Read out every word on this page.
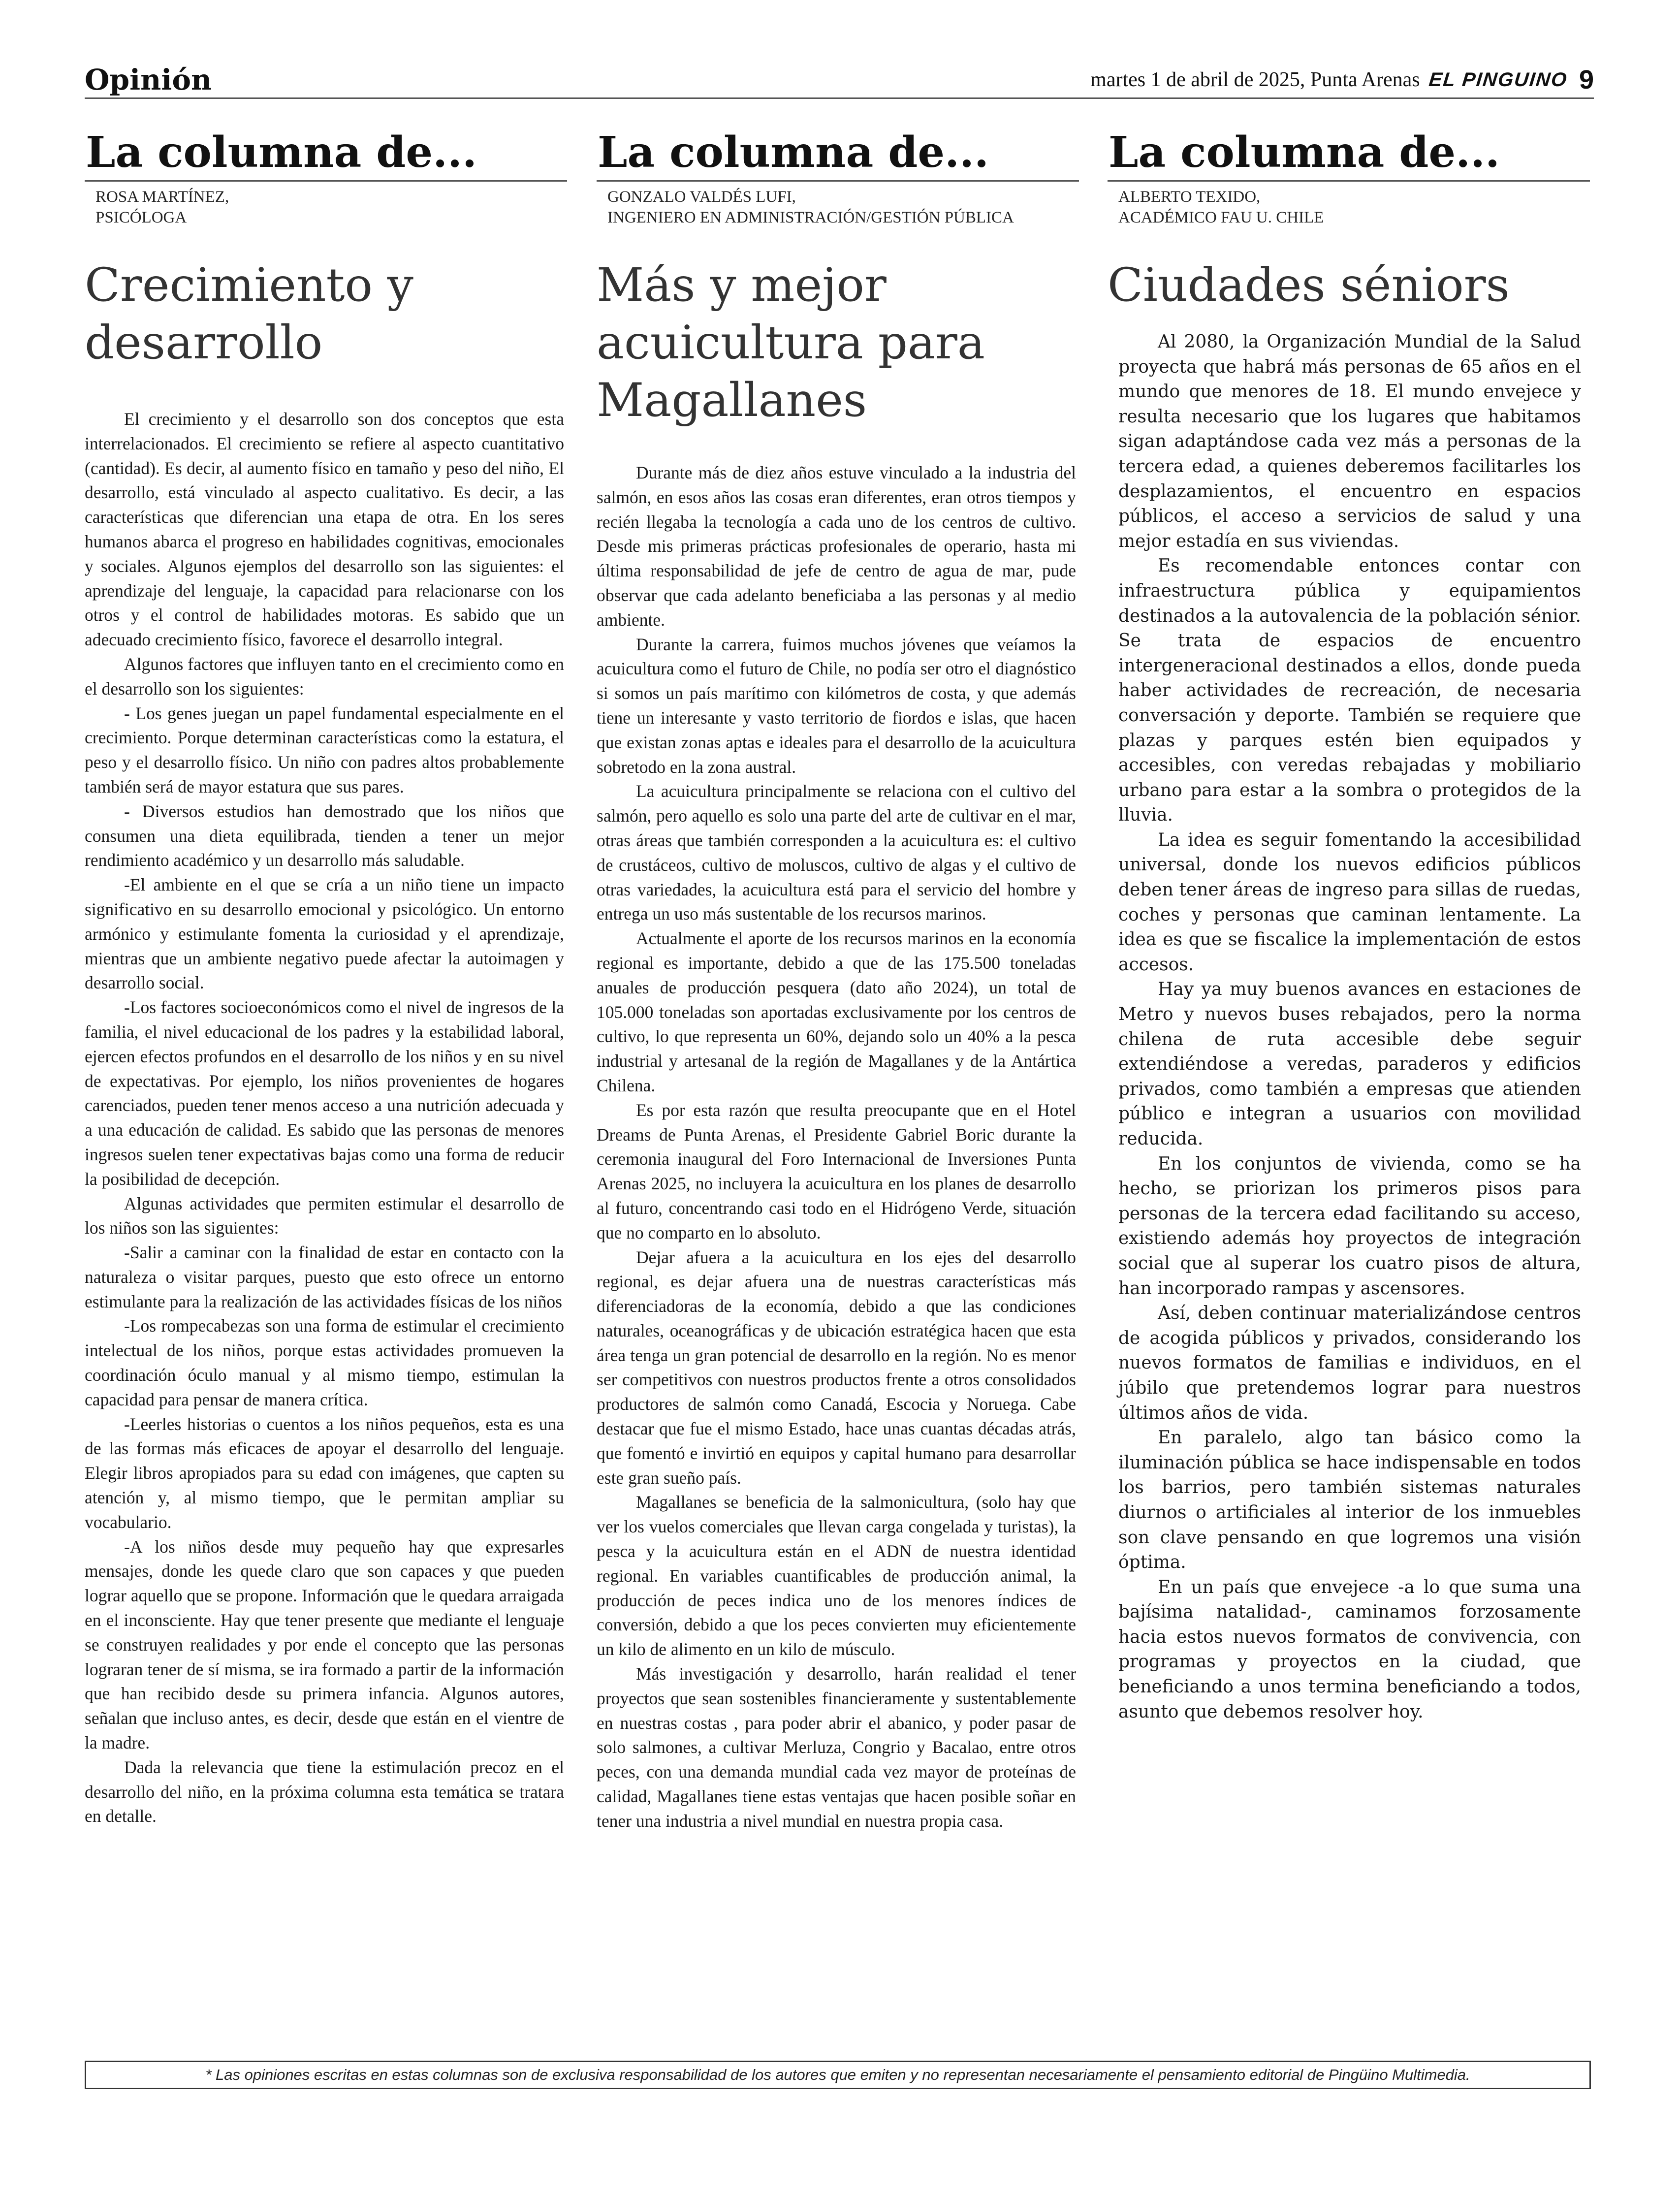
Opinión	martes 1 de abril de 2025, Punta Arenas EL PINGUINO 9
La columna de...
ROSA MARTÍNEZ,
PSICÓLOGA
Crecimiento y desarrollo

El crecimiento y el desarrollo son dos conceptos que esta interrelacionados. El crecimiento se refiere al aspecto cuantitativo (cantidad). Es decir, al aumento físico en tamaño y peso del niño, El desarrollo, está vinculado al aspecto cualitativo. Es decir, a las características que diferencian una etapa de otra. En los seres humanos abarca el progreso en habilidades cognitivas, emocionales y sociales. Algunos ejemplos del desarrollo son las siguientes: el aprendizaje del lenguaje, la capacidad para relacionarse con los otros y el control de habilidades motoras. Es sabido que un adecuado crecimiento físico, favorece el desarrollo integral.

Algunos factores que influyen tanto en el crecimiento como en el desarrollo son los siguientes:

- Los genes juegan un papel fundamental especialmente en el crecimiento. Porque determinan características como la estatura, el peso y el desarrollo físico. Un niño con padres altos probablemente también será de mayor estatura que sus pares.

- Diversos estudios han demostrado que los niños que consumen una dieta equilibrada, tienden a tener un mejor rendimiento académico y un desarrollo más saludable.

-El ambiente en el que se cría a un niño tiene un impacto significativo en su desarrollo emocional y psicológico. Un entorno armónico y estimulante fomenta la curiosidad y el aprendizaje, mientras que un ambiente negativo puede afectar la autoimagen y desarrollo social.

-Los factores socioeconómicos como el nivel de ingresos de la familia, el nivel educacional de los padres y la estabilidad laboral, ejercen efectos profundos en el desarrollo de los niños y en su nivel de expectativas. Por ejemplo, los niños provenientes de hogares carenciados, pueden tener menos acceso a una nutrición adecuada y a una educación de calidad. Es sabido que las personas de menores ingresos suelen tener expectativas bajas como una forma de reducir la posibilidad de decepción.

Algunas actividades que permiten estimular el desarrollo de los niños son las siguientes:

-Salir a caminar con la finalidad de estar en contacto con la naturaleza o visitar parques, puesto que esto ofrece un entorno estimulante para la realización de las actividades físicas de los niños

-Los rompecabezas son una forma de estimular el crecimiento intelectual de los niños, porque estas actividades promueven la coordinación óculo manual y al mismo tiempo, estimulan la capacidad para pensar de manera crítica.

-Leerles historias o cuentos a los niños pequeños, esta es una de las formas más eficaces de apoyar el desarrollo del lenguaje. Elegir libros apropiados para su edad con imágenes, que capten su atención y, al mismo tiempo, que le permitan ampliar su vocabulario.

-A los niños desde muy pequeño hay que expresarles mensajes, donde les quede claro que son capaces y que pueden lograr aquello que se propone. Información que le quedara arraigada en el inconsciente. Hay que tener presente que mediante el lenguaje se construyen realidades y por ende el concepto que las personas lograran tener de sí misma, se ira formado a partir de la información que han recibido desde su primera infancia. Algunos autores, señalan que incluso antes, es decir, desde que están en el vientre de la madre.

Dada la relevancia que tiene la estimulación precoz en el desarrollo del niño, en la próxima columna esta temática se tratara en detalle.

La columna de...
GONZALO VALDÉS LUFI,
INGENIERO EN ADMINISTRACIÓN/GESTIÓN PÚBLICA
Más y mejor acuicultura para Magallanes

Durante más de diez años estuve vinculado a la industria del salmón, en esos años las cosas eran diferentes, eran otros tiempos y recién llegaba la tecnología a cada uno de los centros de cultivo. Desde mis primeras prácticas profesionales de operario, hasta mi última responsabilidad de jefe de centro de agua de mar, pude observar que cada adelanto beneficiaba a las personas y al medio ambiente.

Durante la carrera, fuimos muchos jóvenes que veíamos la acuicultura como el futuro de Chile, no podía ser otro el diagnóstico si somos un país marítimo con kilómetros de costa, y que además tiene un interesante y vasto territorio de fiordos e islas, que hacen que existan zonas aptas e ideales para el desarrollo de la acuicultura sobretodo en la zona austral.

La acuicultura principalmente se relaciona con el cultivo del salmón, pero aquello es solo una parte del arte de cultivar en el mar, otras áreas que también corresponden a la acuicultura es: el cultivo de crustáceos, cultivo de moluscos, cultivo de algas y el cultivo de otras variedades, la acuicultura está para el servicio del hombre y entrega un uso más sustentable de los recursos marinos.

Actualmente el aporte de los recursos marinos en la economía regional es importante, debido a que de las 175.500 toneladas anuales de producción pesquera (dato año 2024), un total de 105.000 toneladas son aportadas exclusivamente por los centros de cultivo, lo que representa un 60%, dejando solo un 40% a la pesca industrial y artesanal de la región de Magallanes y de la Antártica Chilena.

Es por esta razón que resulta preocupante que en el Hotel Dreams de Punta Arenas, el Presidente Gabriel Boric durante la ceremonia inaugural del Foro Internacional de Inversiones Punta Arenas 2025, no incluyera la acuicultura en los planes de desarrollo al futuro, concentrando casi todo en el Hidrógeno Verde, situación que no comparto en lo absoluto.

Dejar afuera a la acuicultura en los ejes del desarrollo regional, es dejar afuera una de nuestras características más diferenciadoras de la economía, debido a que las condiciones naturales, oceanográficas y de ubicación estratégica hacen que esta área tenga un gran potencial de desarrollo en la región. No es menor ser competitivos con nuestros productos frente a otros consolidados productores de salmón como Canadá, Escocia y Noruega. Cabe destacar que fue el mismo Estado, hace unas cuantas décadas atrás, que fomentó e invirtió en equipos y capital humano para desarrollar este gran sueño país.

Magallanes se beneficia de la salmonicultura, (solo hay que ver los vuelos comerciales que llevan carga congelada y turistas), la pesca y la acuicultura están en el ADN de nuestra identidad regional. En variables cuantificables de producción animal, la producción de peces indica uno de los menores índices de conversión, debido a que los peces convierten muy eficientemente un kilo de alimento en un kilo de músculo.

Más investigación y desarrollo, harán realidad el tener proyectos que sean sostenibles financieramente y sustentablemente en nuestras costas , para poder abrir el abanico, y poder pasar de solo salmones, a cultivar Merluza, Congrio y Bacalao, entre otros peces, con una demanda mundial cada vez mayor de proteínas de calidad, Magallanes tiene estas ventajas que hacen posible soñar en tener una industria a nivel mundial en nuestra propia casa.

La columna de...
ALBERTO TEXIDO,
ACADÉMICO FAU U. CHILE
Ciudades séniors

Al 2080, la Organización Mundial de la Salud proyecta que habrá más personas de 65 años en el mundo que menores de 18. El mundo envejece y resulta necesario que los lugares que habitamos sigan adaptándose cada vez más a personas de la tercera edad, a quienes deberemos facilitarles los desplazamientos, el encuentro en espacios públicos, el acceso a servicios de salud y una mejor estadía en sus viviendas.

Es recomendable entonces contar con infraestructura pública y equipamientos destinados a la autovalencia de la población sénior. Se trata de espacios de encuentro intergeneracional destinados a ellos, donde pueda haber actividades de recreación, de necesaria conversación y deporte. También se requiere que plazas y parques estén bien equipados y accesibles, con veredas rebajadas y mobiliario urbano para estar a la sombra o protegidos de la lluvia.

La idea es seguir fomentando la accesibilidad universal, donde los nuevos edificios públicos deben tener áreas de ingreso para sillas de ruedas, coches y personas que caminan lentamente. La idea es que se fiscalice la implementación de estos accesos.

Hay ya muy buenos avances en estaciones de Metro y nuevos buses rebajados, pero la norma chilena de ruta accesible debe seguir extendiéndose a veredas, paraderos y edificios privados, como también a empresas que atienden público e integran a usuarios con movilidad reducida.

En los conjuntos de vivienda, como se ha hecho, se priorizan los primeros pisos para personas de la tercera edad facilitando su acceso, existiendo además hoy proyectos de integración social que al superar los cuatro pisos de altura, han incorporado rampas y ascensores.

Así, deben continuar materializándose centros de acogida públicos y privados, considerando los nuevos formatos de familias e individuos, en el júbilo que pretendemos lograr para nuestros últimos años de vida.

En paralelo, algo tan básico como la iluminación pública se hace indispensable en todos los barrios, pero también sistemas naturales diurnos o artificiales al interior de los inmuebles son clave pensando en que logremos una visión óptima.

En un país que envejece -a lo que suma una bajísima natalidad-, caminamos forzosamente hacia estos nuevos formatos de convivencia, con programas y proyectos en la ciudad, que beneficiando a unos termina beneficiando a todos, asunto que debemos resolver hoy.

* Las opiniones escritas en estas columnas son de exclusiva responsabilidad de los autores que emiten y no representan necesariamente el pensamiento editorial de Pingüino Multimedia.
